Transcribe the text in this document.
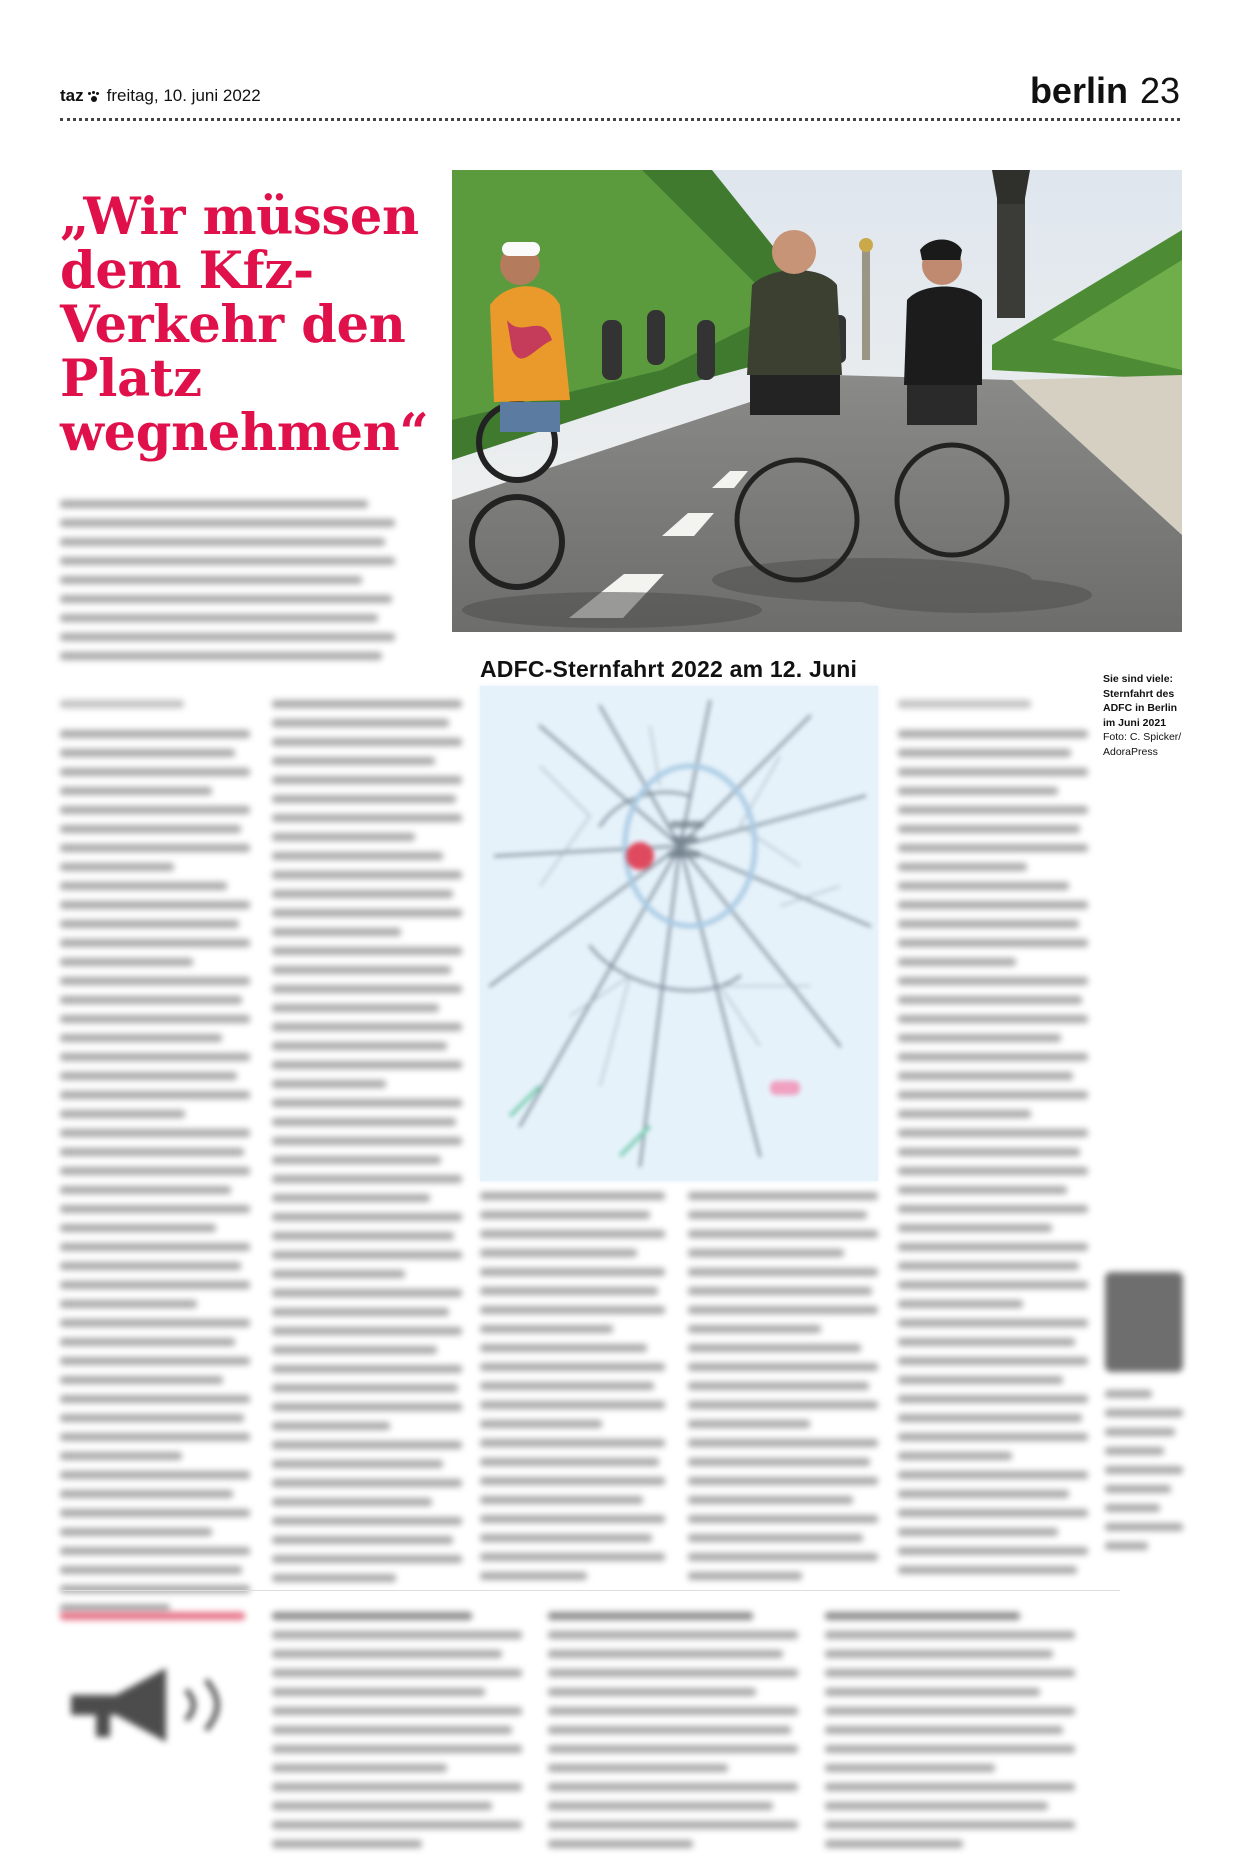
taz freitag, 10. juni 2022	berlin 23
„Wir müssen dem Kfz-Verkehr den Platz wegnehmen“
ADFC-Sternfahrt 2022 am 12. Juni	Sie sind viele: Sternfahrt des ADFC in Berlin im Juni 2021
Foto: C. Spicker/ AdoraPress
